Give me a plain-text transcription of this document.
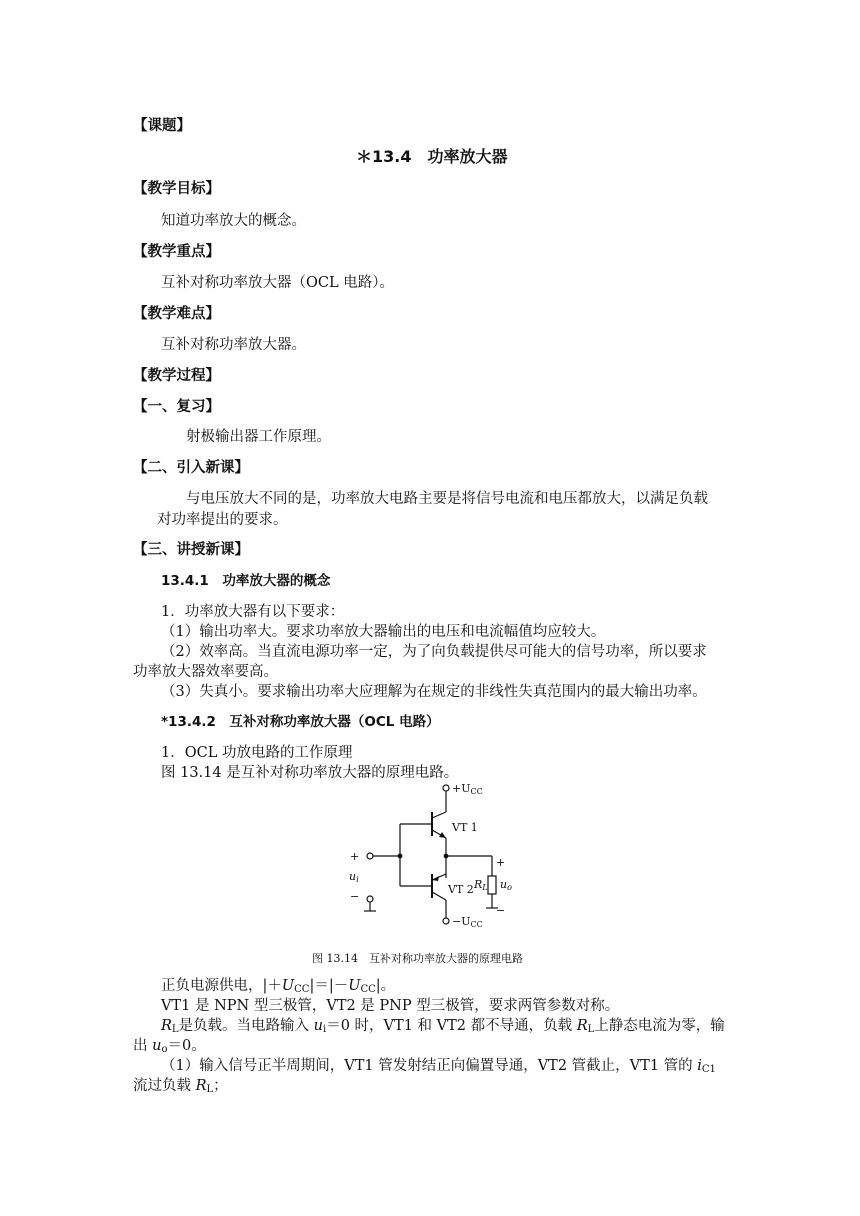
【课题】
＊13.4　功率放大器
【教学目标】
知道功率放大的概念。
【教学重点】
互补对称功率放大器（OCL 电路）。
【教学难点】
互补对称功率放大器。
【教学过程】
【一、复习】
射极输出器工作原理。
【二、引入新课】
与电压放大不同的是，功率放大电路主要是将信号电流和电压都放大，以满足负载
对功率提出的要求。
【三、讲授新课】
13.4.1　功率放大器的概念
1．功率放大器有以下要求：
（1）输出功率大。要求功率放大器输出的电压和电流幅值均应较大。
（2）效率高。当直流电源功率一定，为了向负载提供尽可能大的信号功率，所以要求
功率放大器效率要高。
（3）失真小。要求输出功率大应理解为在规定的非线性失真范围内的最大输出功率。
*13.4.2　互补对称功率放大器（OCL 电路）
1．OCL 功放电路的工作原理
图 13.14 是互补对称功率放大器的原理电路。
+UCC
VT 1
VT 2
−UCC
RL uo
+
−
+
ui
−
图 13.14　互补对称功率放大器的原理电路
正负电源供电，$|+U_{CC}|=|-U_{CC}|$。
VT1 是 NPN 型三极管，VT2 是 PNP 型三极管，要求两管参数对称。
$R_L$是负载。当电路输入 $u_i=0$ 时，VT1 和 VT2 都不导通，负载 $R_L$上静态电流为零，输
出 $u_o=0$。
（1）输入信号正半周期间，VT1 管发射结正向偏置导通，VT2 管截止，VT1 管的 $i_{C1}$
流过负载 $R_L$；
